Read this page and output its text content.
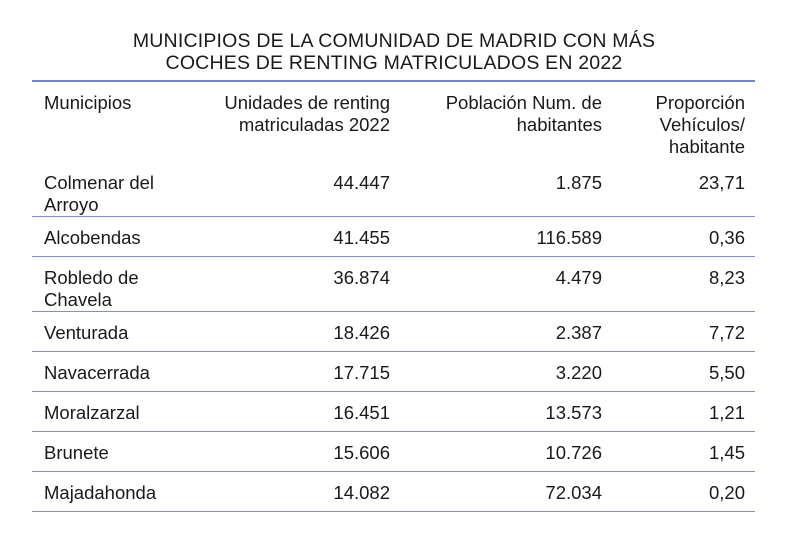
MUNICIPIOS DE LA COMUNIDAD DE MADRID CON MÁS
COCHES DE RENTING MATRICULADOS EN 2022
Municipios	Unidades de renting matriculadas 2022	Población Num. de habitantes	Proporción Vehículos/ habitante
Colmenar del Arroyo	44.447	1.875	23,71
Alcobendas	41.455	116.589	0,36
Robledo de Chavela	36.874	4.479	8,23
Venturada	18.426	2.387	7,72
Navacerrada	17.715	3.220	5,50
Moralzarzal	16.451	13.573	1,21
Brunete	15.606	10.726	1,45
Majadahonda	14.082	72.034	0,20
